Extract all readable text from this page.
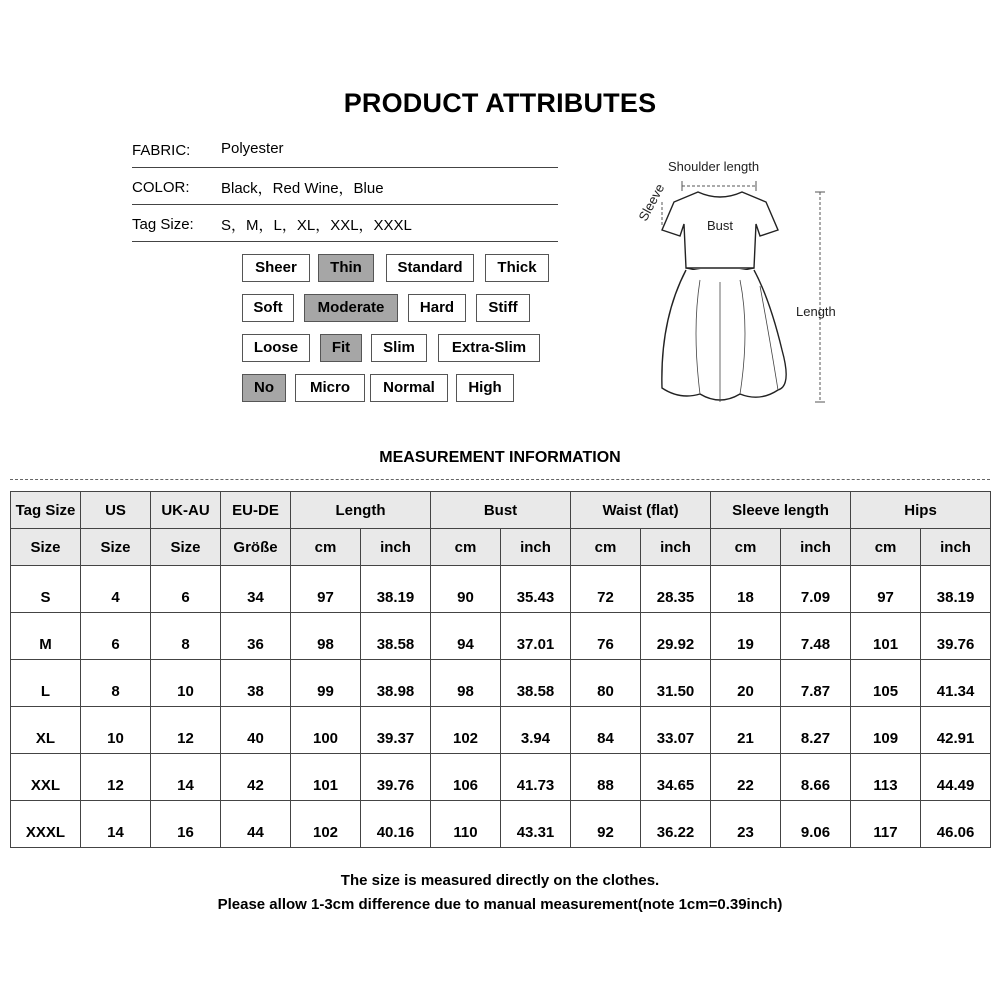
PRODUCT ATTRIBUTES
FABRIC: Polyester
COLOR: Black，Red Wine，Blue
Tag Size: S，M，L，XL，XXL，XXXL
Sheer	Thin	Standard	Thick
Soft	Moderate	Hard	Stiff
Loose	Fit	Slim	Extra-Slim
No	Micro	Normal	High
Shoulder length
Sleeve
Bust
Length
MEASUREMENT INFORMATION
Tag Size	US	UK-AU	EU-DE	Length		Bust		Waist (flat)		Sleeve length		Hips	
Size	Size	Size	Größe	cm	inch	cm	inch	cm	inch	cm	inch	cm	inch
S	4	6	34	97	38.19	90	35.43	72	28.35	18	7.09	97	38.19
M	6	8	36	98	38.58	94	37.01	76	29.92	19	7.48	101	39.76
L	8	10	38	99	38.98	98	38.58	80	31.50	20	7.87	105	41.34
XL	10	12	40	100	39.37	102	3.94	84	33.07	21	8.27	109	42.91
XXL	12	14	42	101	39.76	106	41.73	88	34.65	22	8.66	113	44.49
XXXL	14	16	44	102	40.16	110	43.31	92	36.22	23	9.06	117	46.06
The size is measured directly on the clothes.
Please allow 1-3cm difference due to manual measurement(note 1cm=0.39inch)
